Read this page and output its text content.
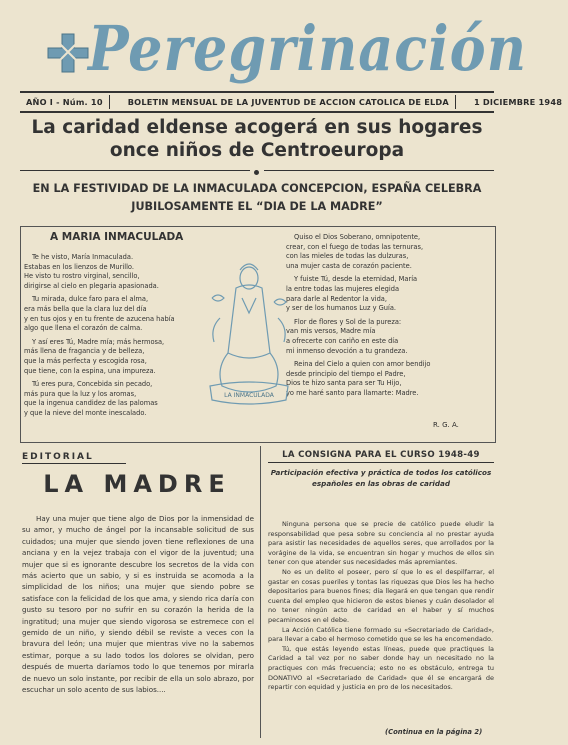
Peregrinación
AÑO I - Núm. 10	BOLETIN MENSUAL DE LA JUVENTUD DE ACCION CATOLICA DE ELDA	1 DICIEMBRE 1948
La caridad eldense acogerá en sus hogares
once niños de Centroeuropa
EN LA FESTIVIDAD DE LA INMACULADA CONCEPCION, ESPAÑA CELEBRA
JUBILOSAMENTE EL “DIA DE LA MADRE”
A MARIA INMACULADA

Te he visto, María Inmaculada.
Estabas en los lienzos de Murillo.
He visto tu rostro virginal, sencillo,
dirigirse al cielo en plegaria apasionada.

Tu mirada, dulce faro para el alma,
era más bella que la clara luz del día
y en tus ojos y en tu frente de azucena había
algo que llena el corazón de calma.

Y así eres Tú, Madre mía; más hermosa,
más llena de fragancia y de belleza,
que la más perfecta y escogida rosa,
que tiene, con la espina, una impureza.

Tú eres pura, Concebida sin pecado,
más pura que la luz y los aromas,
que la ingenua candidez de las palomas
y que la nieve del monte inescalado.

Quiso el Dios Soberano, omnipotente,
crear, con el fuego de todas las ternuras,
con las mieles de todas las dulzuras,
una mujer casta de corazón paciente.

Y fuiste Tú, desde la eternidad, María
la entre todas las mujeres elegida
para darle al Redentor la vida,
y ser de los humanos Luz y Guía.

Flor de flores y Sol de la pureza:
van mis versos, Madre mía
a ofrecerte con cariño en este día
mi inmenso devoción a tu grandeza.

Reina del Cielo a quien con amor bendijo
desde principio del tiempo el Padre,
Dios te hizo santa para ser Tu Hijo,
yo me haré santo para llamarte: Madre.

LA INMACULADA
R. G. A.
EDITORIAL
LA MADRE

Hay una mujer que tiene algo de Dios por la inmensidad de su amor, y mucho de ángel por la incansable solicitud de sus cuidados; una mujer que siendo joven tiene reflexiones de una anciana y en la vejez trabaja con el vigor de la juventud; una mujer que si es ignorante descubre los secretos de la vida con más acierto que un sabio, y si es instruida se acomoda a la simplicidad de los niños; una mujer que siendo pobre se satisface con la felicidad de los que ama, y siendo rica daría con gusto su tesoro por no sufrir en su corazón la herida de la ingratitud; una mujer que siendo vigorosa se estremece con el gemido de un niño, y siendo débil se reviste a veces con la bravura del león; una mujer que mientras vive no la sabemos estimar, porque a su lado todos los dolores se olvidan, pero después de muerta daríamos todo lo que tenemos por mirarla de nuevo un solo instante, por recibir de ella un solo abrazo, por escuchar un solo acento de sus labios....

LA CONSIGNA PARA EL CURSO 1948-49
Participación efectiva y práctica de todos los católicos
españoles en las obras de caridad

Ninguna persona que se precie de católico puede eludir la responsabilidad que pesa sobre su conciencia al no prestar ayuda para asistir las necesidades de aquellos seres, que arrollados por la vorágine de la vida, se encuentran sin hogar y muchos de ellos sin tener con que atender sus necesidades más apremiantes.

No es un delito el poseer, pero sí que lo es el despilfarrar, el gastar en cosas pueriles y tontas las riquezas que Dios les ha hecho depositarios para buenos fines; día llegará en que tengan que rendir cuenta del empleo que hicieron de estos bienes y cuán desolador el no tener ningún acto de caridad en el haber y sí muchos pecaminosos en el debe.

La Acción Católica tiene formado su «Secretariado de Caridad», para llevar a cabo el hermoso cometido que se les ha encomendado.

Tú, que estás leyendo estas líneas, puede que practiques la Caridad a tal vez por no saber donde hay un necesitado no la practiques con más frecuencia; esto no es obstáculo, entrega tu DONATIVO al «Secretariado de Caridad» que él se encargará de repartir con equidad y justicia en pro de los necesitados.

(Continua en la página 2)
